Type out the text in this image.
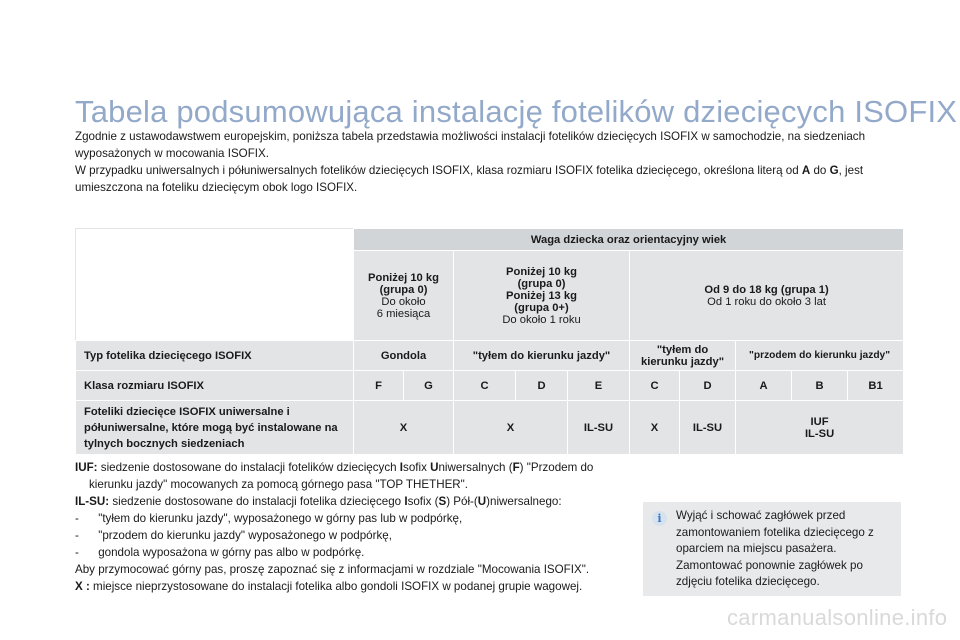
Tabela podsumowująca instalację fotelików dziecięcych ISOFIX

Zgodnie z ustawodawstwem europejskim, poniższa tabela przedstawia możliwości instalacji fotelików dziecięcych ISOFIX w samochodzie, na siedzeniach wyposażonych w mocowania ISOFIX.

W przypadku uniwersalnych i półuniwersalnych fotelików dziecięcych ISOFIX, klasa rozmiaru ISOFIX fotelika dziecięcego, określona literą od A do G, jest umieszczona na foteliku dziecięcym obok logo ISOFIX.

	Waga dziecka oraz orientacyjny wiek									

	Poniżej 10 kg
(grupa 0)
Do około
6 miesiąca		Poniżej 10 kg
(grupa 0)
Poniżej 13 kg
(grupa 0+)
Do około 1 roku			Od 9 do 18 kg (grupa 1)
Od 1 roku do około 3 lat				

Typ fotelika dziecięcego ISOFIX	Gondola		"tyłem do kierunku jazdy"			"tyłem do kierunku jazdy"		"przodem do kierunku jazdy"		
Klasa rozmiaru ISOFIX	F	G	C	D	E	C	D	A	B	B1
Foteliki dziecięce ISOFIX uniwersalne i półuniwersalne, które mogą być instalowane na tylnych bocznych siedzeniach	X		X		IL-SU	X	IL-SU	IUF
IL-SU		

IUF: siedzenie dostosowane do instalacji fotelików dziecięcych Isofix Uniwersalnych (F) "Przodem do kierunku jazdy" mocowanych za pomocą górnego pasa "TOP THETHER".

IL-SU: siedzenie dostosowane do instalacji fotelika dziecięcego Isofix (S) Pół-(U)niwersalnego:

- "tyłem do kierunku jazdy", wyposażonego w górny pas lub w podpórkę,

- "przodem do kierunku jazdy" wyposażonego w podpórkę,

- gondola wyposażona w górny pas albo w podpórkę.

Aby przymocować górny pas, proszę zapoznać się z informacjami w rozdziale "Mocowania ISOFIX".

X : miejsce nieprzystosowane do instalacji fotelika albo gondoli ISOFIX w podanej grupie wagowej.

i	Wyjąć i schować zagłówek przed zamontowaniem fotelika dziecięcego z oparciem na miejscu pasażera. Zamontować ponownie zagłówek po zdjęciu fotelika dziecięcego.
carmanualsonline.info
